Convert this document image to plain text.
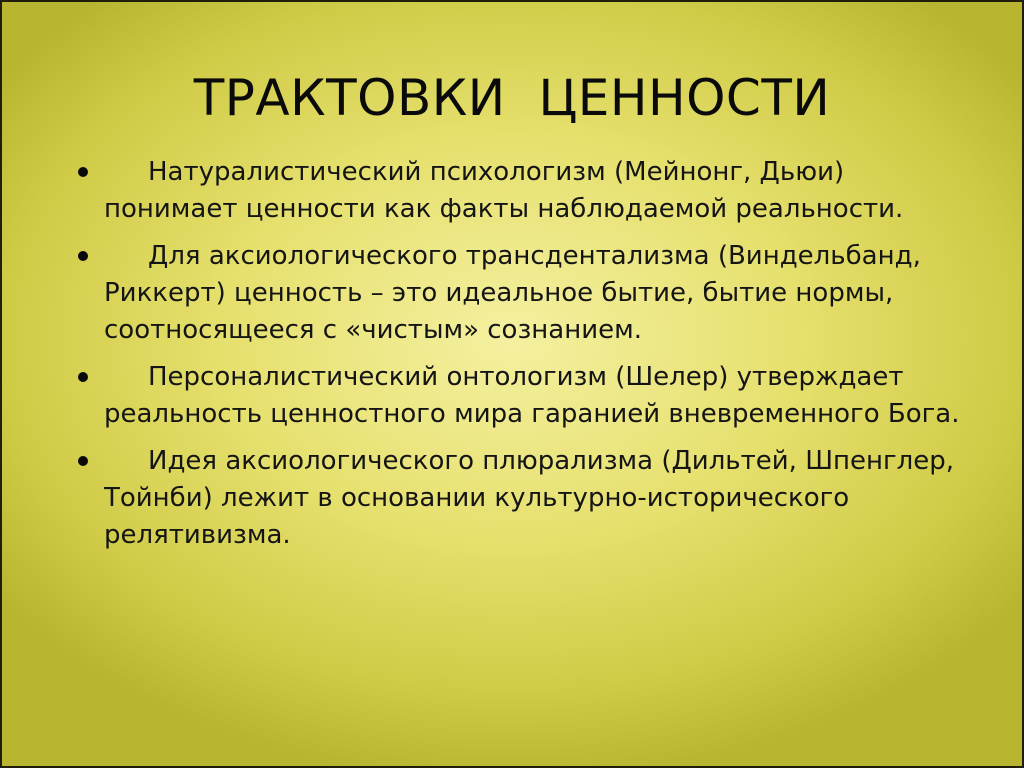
ТРАКТОВКИ  ЦЕННОСТИ
Натуралистический психологизм (Мейнонг, Дьюи) понимает ценности как факты наблюдаемой реальности.
Для аксиологического трансдентализма (Виндельбанд, Риккерт) ценность – это идеальное бытие, бытие нормы, соотносящееся с «чистым» сознанием.
Персоналистический онтологизм (Шелер) утверждает реальность ценностного мира гаранией вневременного Бога.
Идея аксиологического плюрализма (Дильтей, Шпенглер, Тойнби) лежит в основании культурно-исторического релятивизма.
